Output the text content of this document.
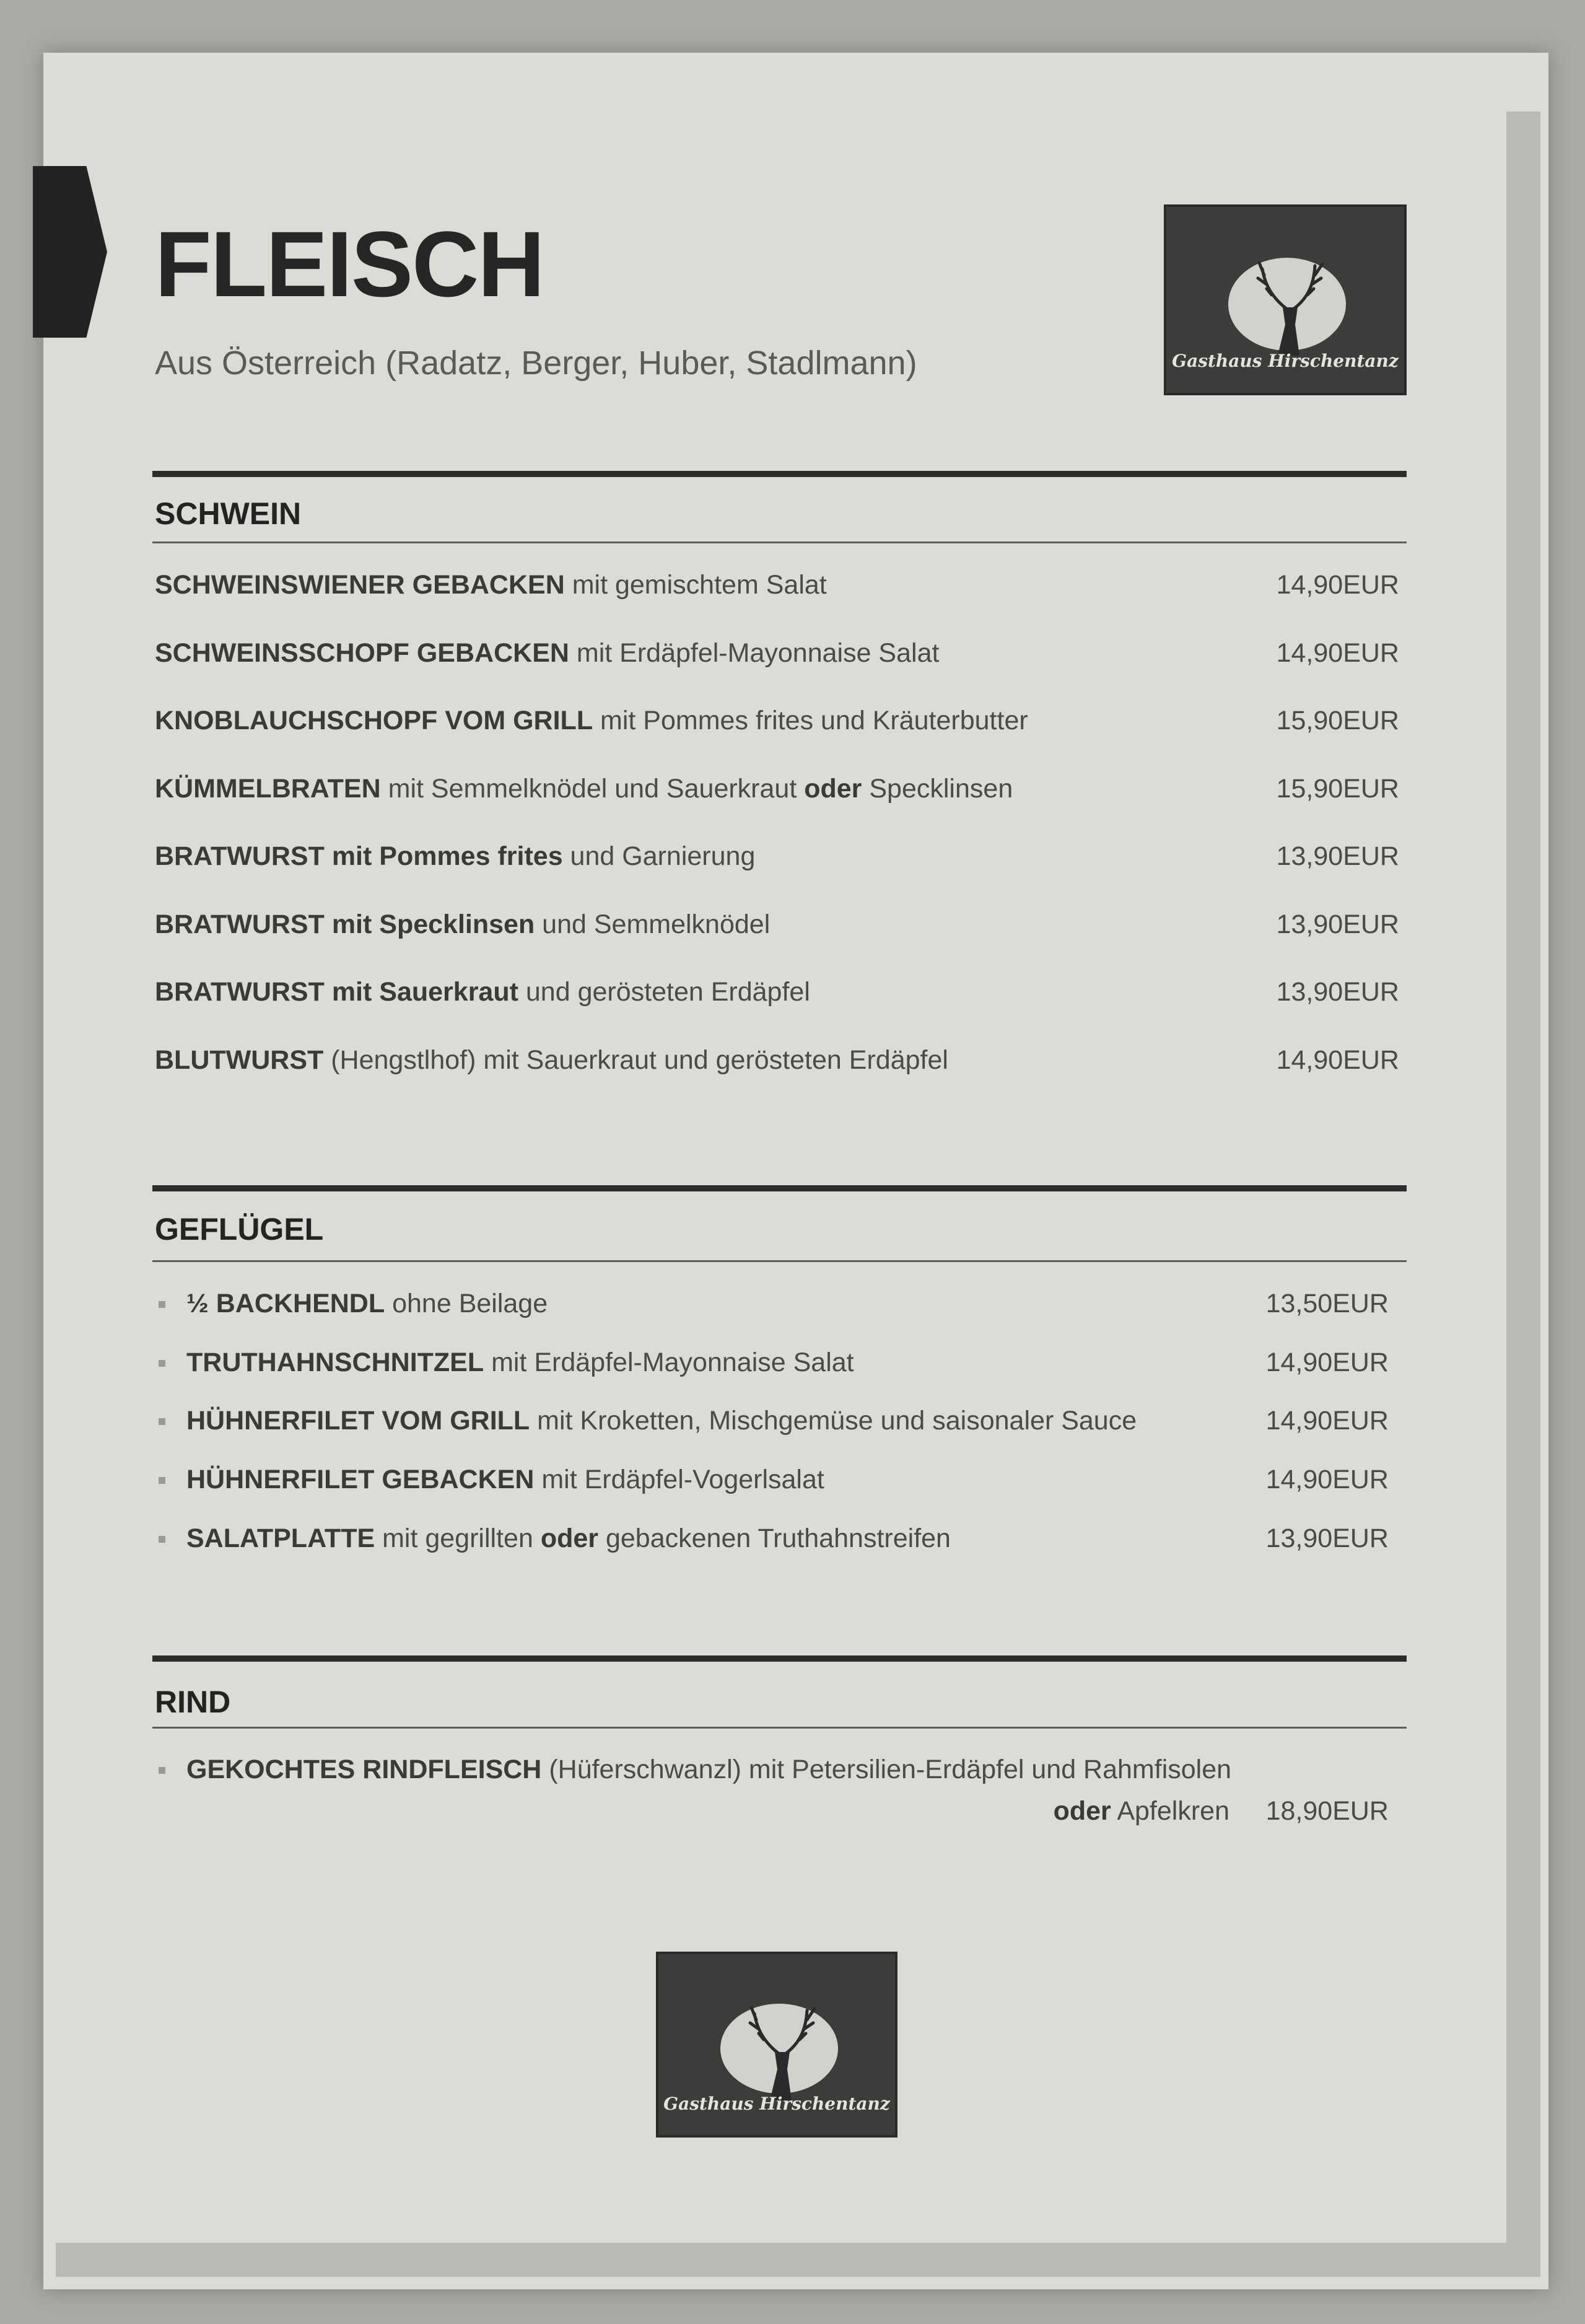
FLEISCH
Aus Österreich (Radatz, Berger, Huber, Stadlmann)	Gasthaus Hirschentanz
Gasthaus Hirschentanz
SCHWEIN
SCHWEINSWIENER GEBACKEN mit gemischtem Salat	14,90EUR
SCHWEINSSCHOPF GEBACKEN mit Erdäpfel-Mayonnaise Salat	14,90EUR
KNOBLAUCHSCHOPF VOM GRILL mit Pommes frites und Kräuterbutter	15,90EUR
KÜMMELBRATEN mit Semmelknödel und Sauerkraut oder Specklinsen	15,90EUR
BRATWURST mit Pommes frites und Garnierung	13,90EUR
BRATWURST mit Specklinsen und Semmelknödel	13,90EUR
BRATWURST mit Sauerkraut und gerösteten Erdäpfel	13,90EUR
BLUTWURST (Hengstlhof) mit Sauerkraut und gerösteten Erdäpfel	14,90EUR
GEFLÜGEL
½ BACKHENDL ohne Beilage	13,50EUR
TRUTHAHNSCHNITZEL mit Erdäpfel-Mayonnaise Salat	14,90EUR
HÜHNERFILET VOM GRILL mit Kroketten, Mischgemüse und saisonaler Sauce	14,90EUR
HÜHNERFILET GEBACKEN mit Erdäpfel-Vogerlsalat	14,90EUR
SALATPLATTE mit gegrillten oder gebackenen Truthahnstreifen	13,90EUR
RIND
GEKOCHTES RINDFLEISCH (Hüferschwanzl) mit Petersilien-Erdäpfel und Rahmfisolen
oder Apfelkren	18,90EUR
